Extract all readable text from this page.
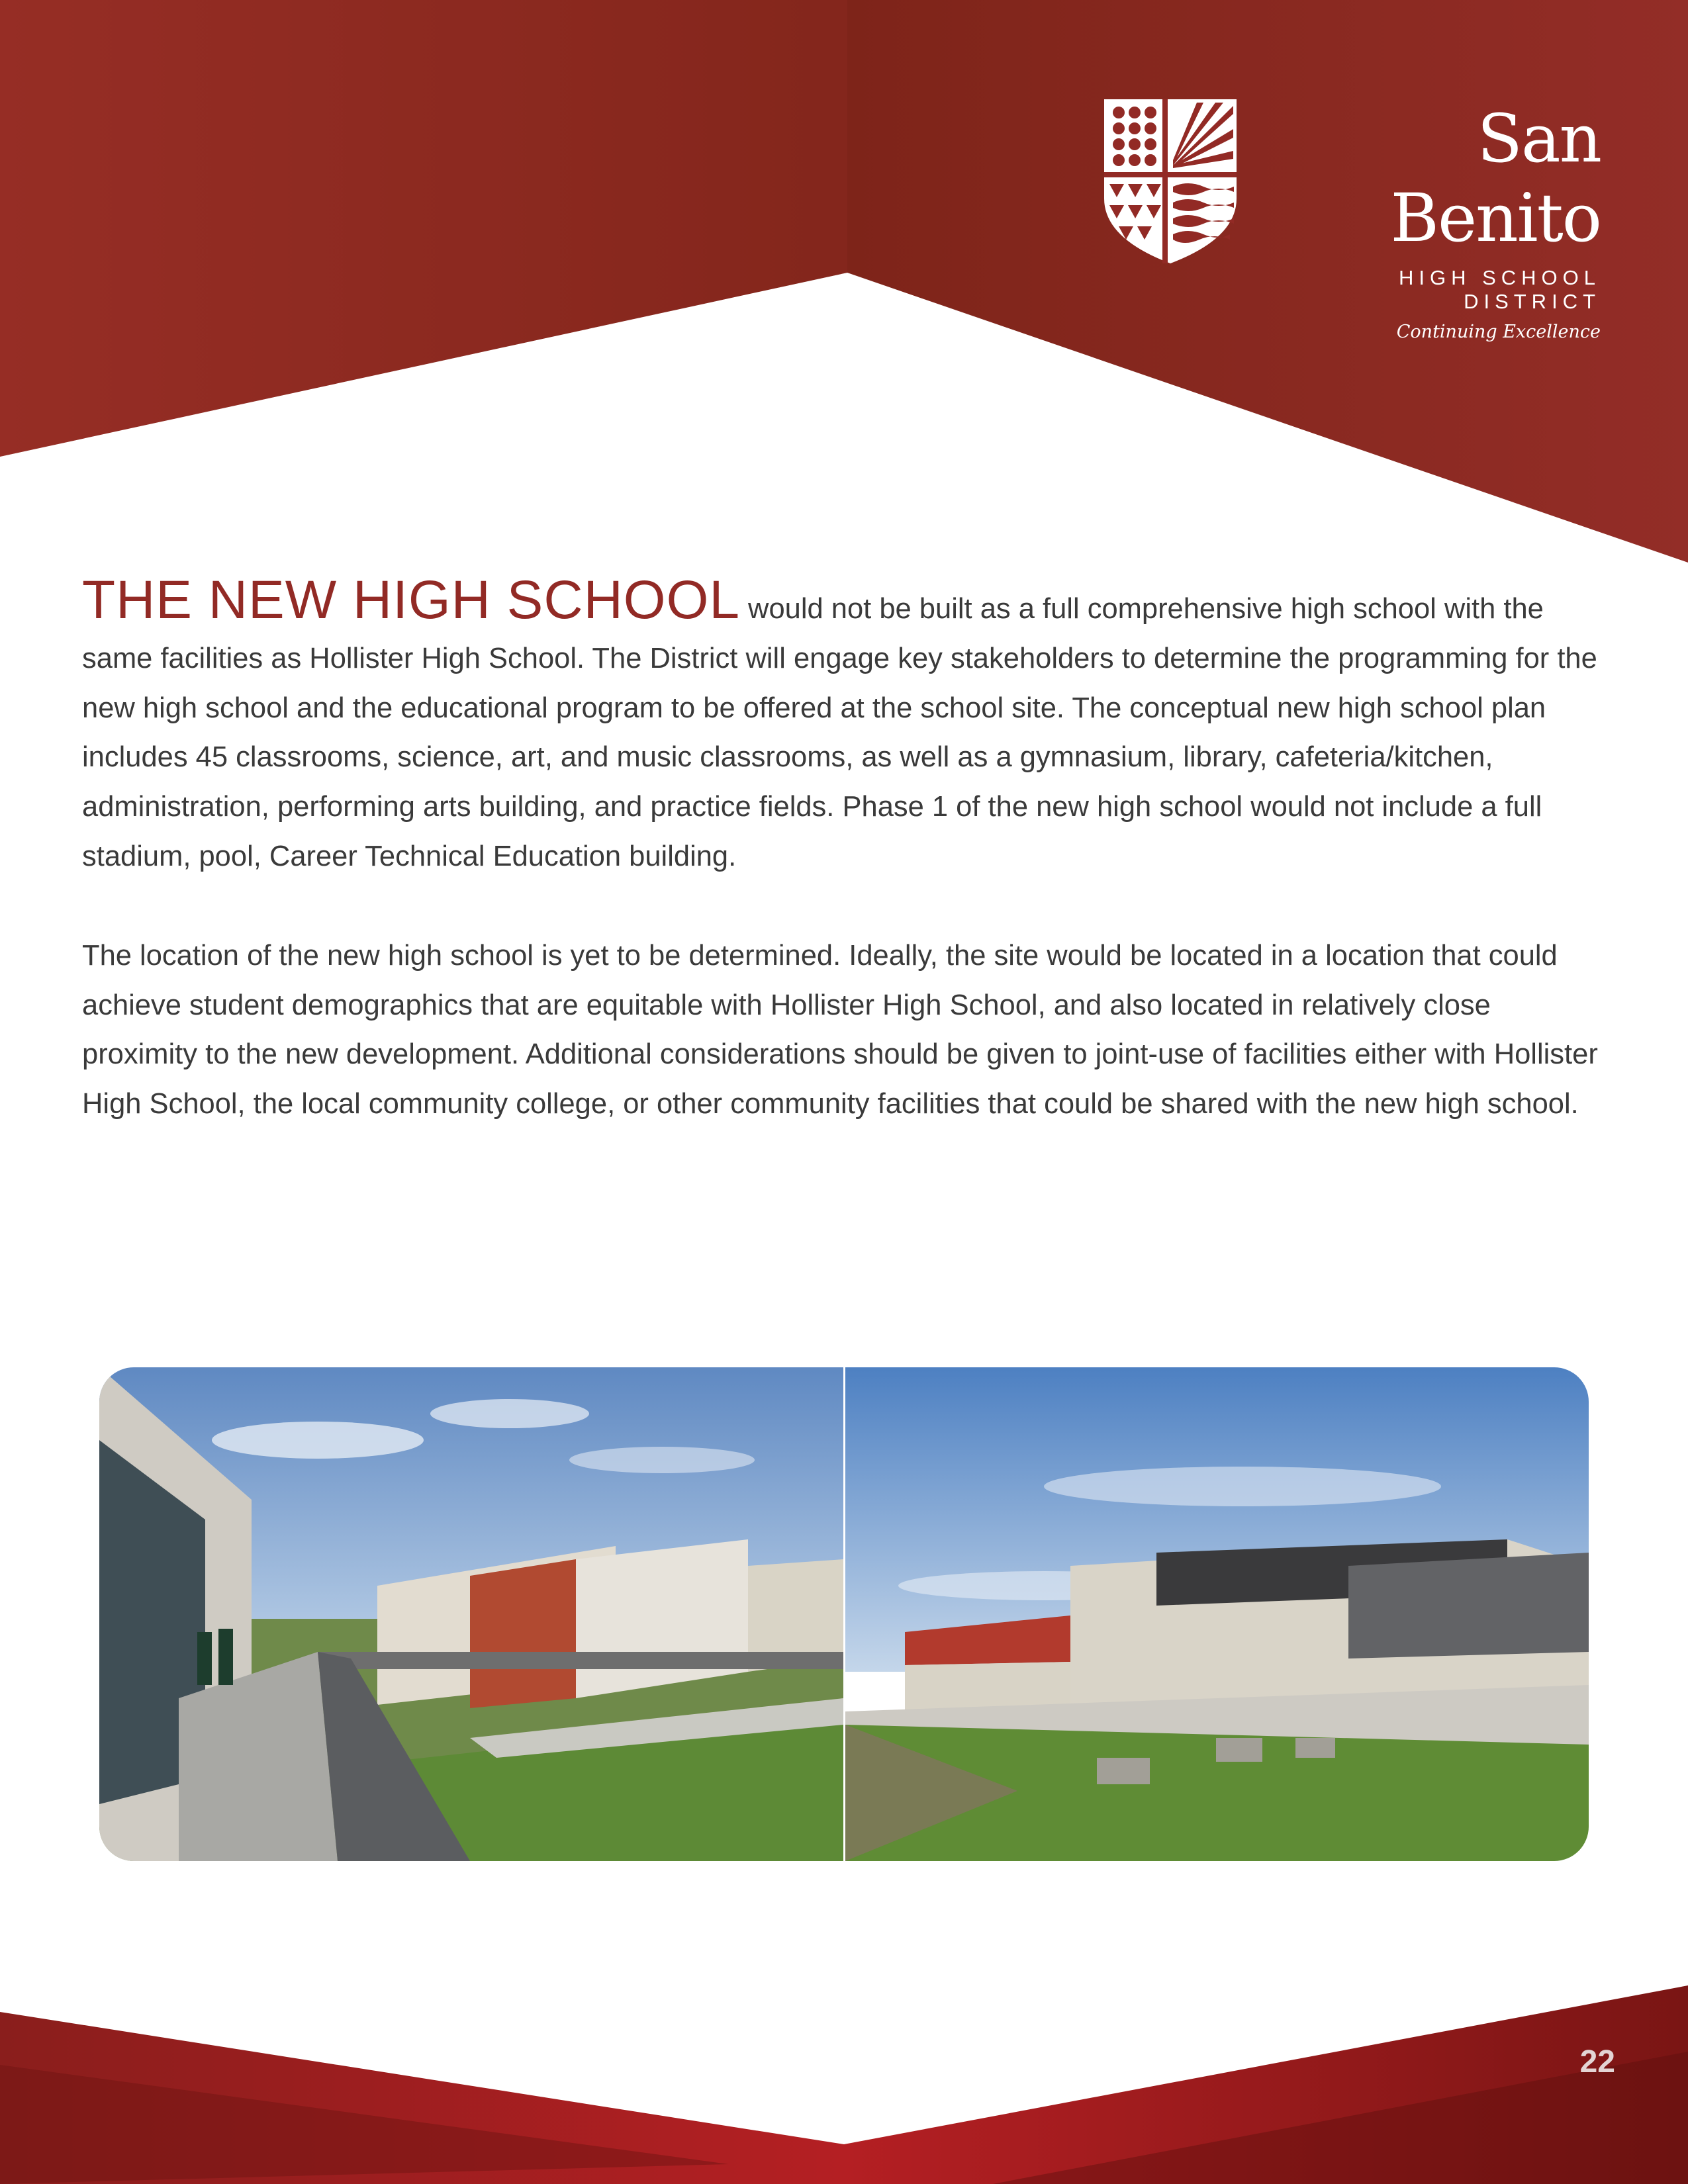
San Benito
HIGH SCHOOL DISTRICT
Continuing Excellence

THE NEW HIGH SCHOOL would not be built as a full comprehensive high school with the same facilities as Hollister High School. The District will engage key stakeholders to determine the programming for the new high school and the educational program to be offered at the school site. The conceptual new high school plan includes 45 classrooms, science, art, and music classrooms, as well as a gymnasium, library, cafeteria/kitchen, administration, performing arts building, and practice fields. Phase 1 of the new high school would not include a full stadium, pool, Career Technical Education building.

The location of the new high school is yet to be determined. Ideally, the site would be located in a location that could achieve student demographics that are equitable with Hollister High School, and also located in relatively close proximity to the new development. Additional considerations should be given to joint-use of facilities either with Hollister High School, the local community college, or other community facilities that could be shared with the new high school.

22
